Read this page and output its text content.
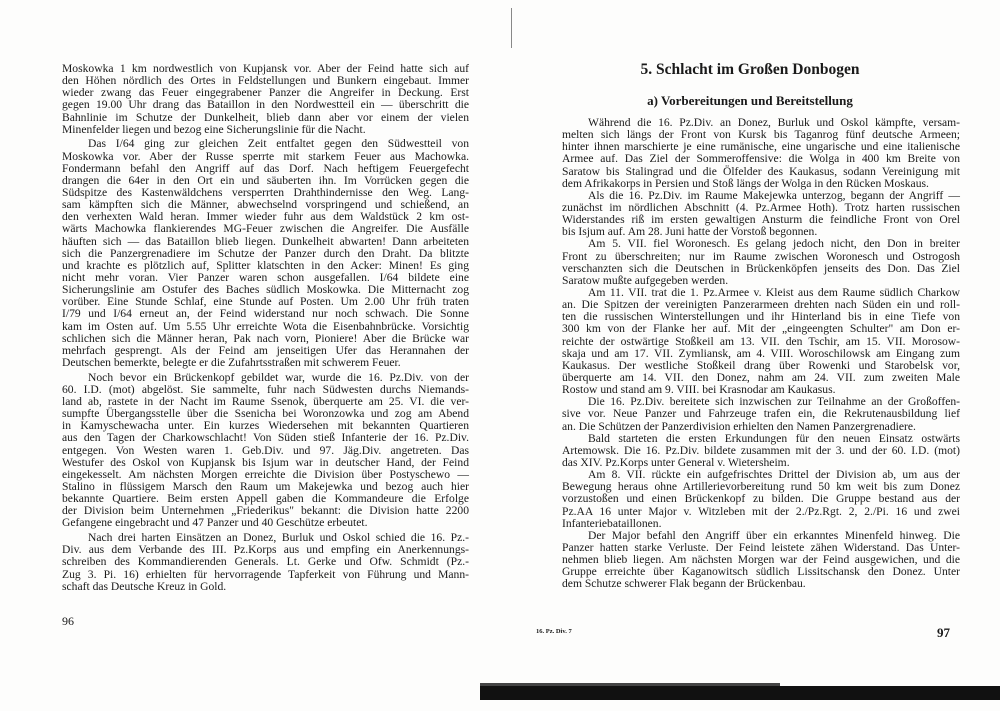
Moskowka 1 km nordwestlich von Kupjansk vor. Aber der Feind hatte sich auf
den Höhen nördlich des Ortes in Feldstellungen und Bunkern eingebaut. Immer
wieder zwang das Feuer eingegrabener Panzer die Angreifer in Deckung. Erst
gegen 19.00 Uhr drang das Bataillon in den Nordwestteil ein — überschritt die
Bahnlinie im Schutze der Dunkelheit, blieb dann aber vor einem der vielen
Minenfelder liegen und bezog eine Sicherungslinie für die Nacht.
Das I/64 ging zur gleichen Zeit entfaltet gegen den Südwestteil von
Moskowka vor. Aber der Russe sperrte mit starkem Feuer aus Machowka.
Fondermann befahl den Angriff auf das Dorf. Nach heftigem Feuergefecht
drangen die 64er in den Ort ein und säuberten ihn. Im Vorrücken gegen die
Südspitze des Kastenwäldchens versperrten Drahthindernisse den Weg. Lang-
sam kämpften sich die Männer, abwechselnd vorspringend und schießend, an
den verhexten Wald heran. Immer wieder fuhr aus dem Waldstück 2 km ost-
wärts Machowka flankierendes MG-Feuer zwischen die Angreifer. Die Ausfälle
häuften sich — das Bataillon blieb liegen. Dunkelheit abwarten! Dann arbeiteten
sich die Panzergrenadiere im Schutze der Panzer durch den Draht. Da blitzte
und krachte es plötzlich auf, Splitter klatschten in den Acker: Minen! Es ging
nicht mehr voran. Vier Panzer waren schon ausgefallen. I/64 bildete eine
Sicherungslinie am Ostufer des Baches südlich Moskowka. Die Mitternacht zog
vorüber. Eine Stunde Schlaf, eine Stunde auf Posten. Um 2.00 Uhr früh traten
I/79 und I/64 erneut an, der Feind widerstand nur noch schwach. Die Sonne
kam im Osten auf. Um 5.55 Uhr erreichte Wota die Eisenbahnbrücke. Vorsichtig
schlichen sich die Männer heran, Pak nach vorn, Pioniere! Aber die Brücke war
mehrfach gesprengt. Als der Feind am jenseitigen Ufer das Herannahen der
Deutschen bemerkte, belegte er die Zufahrtsstraßen mit schwerem Feuer.
Noch bevor ein Brückenkopf gebildet war, wurde die 16. Pz.Div. von der
60. I.D. (mot) abgelöst. Sie sammelte, fuhr nach Südwesten durchs Niemands-
land ab, rastete in der Nacht im Raume Ssenok, überquerte am 25. VI. die ver-
sumpfte Übergangsstelle über die Ssenicha bei Woronzowka und zog am Abend
in Kamyschewacha unter. Ein kurzes Wiedersehen mit bekannten Quartieren
aus den Tagen der Charkowschlacht! Von Süden stieß Infanterie der 16. Pz.Div.
entgegen. Von Westen waren 1. Geb.Div. und 97. Jäg.Div. angetreten. Das
Westufer des Oskol von Kupjansk bis Isjum war in deutscher Hand, der Feind
eingekesselt. Am nächsten Morgen erreichte die Division über Postyschewo —
Stalino in flüssigem Marsch den Raum um Makejewka und bezog auch hier
bekannte Quartiere. Beim ersten Appell gaben die Kommandeure die Erfolge
der Division beim Unternehmen „Friederikus" bekannt: die Division hatte 2200
Gefangene eingebracht und 47 Panzer und 40 Geschütze erbeutet.
Nach drei harten Einsätzen an Donez, Burluk und Oskol schied die 16. Pz.-
Div. aus dem Verbande des III. Pz.Korps aus und empfing ein Anerkennungs-
schreiben des Kommandierenden Generals. Lt. Gerke und Ofw. Schmidt (Pz.-
Zug 3. Pi. 16) erhielten für hervorragende Tapferkeit von Führung und Mann-
schaft das Deutsche Kreuz in Gold.
96
5. Schlacht im Großen Donbogen
a) Vorbereitungen und Bereitstellung
Während die 16. Pz.Div. an Donez, Burluk und Oskol kämpfte, versam-
melten sich längs der Front von Kursk bis Taganrog fünf deutsche Armeen;
hinter ihnen marschierte je eine rumänische, eine ungarische und eine italienische
Armee auf. Das Ziel der Sommeroffensive: die Wolga in 400 km Breite von
Saratow bis Stalingrad und die Ölfelder des Kaukasus, sodann Vereinigung mit
dem Afrikakorps in Persien und Stoß längs der Wolga in den Rücken Moskaus.
Als die 16. Pz.Div. im Raume Makejewka unterzog, begann der Angriff —
zunächst im nördlichen Abschnitt (4. Pz.Armee Hoth). Trotz harten russischen
Widerstandes riß im ersten gewaltigen Ansturm die feindliche Front von Orel
bis Isjum auf. Am 28. Juni hatte der Vorstoß begonnen.
Am 5. VII. fiel Woronesch. Es gelang jedoch nicht, den Don in breiter
Front zu überschreiten; nur im Raume zwischen Woronesch und Ostrogosh
verschanzten sich die Deutschen in Brückenköpfen jenseits des Don. Das Ziel
Saratow mußte aufgegeben werden.
Am 11. VII. trat die 1. Pz.Armee v. Kleist aus dem Raume südlich Charkow
an. Die Spitzen der vereinigten Panzerarmeen drehten nach Süden ein und roll-
ten die russischen Winterstellungen und ihr Hinterland bis in eine Tiefe von
300 km von der Flanke her auf. Mit der „eingeengten Schulter" am Don er-
reichte der ostwärtige Stoßkeil am 13. VII. den Tschir, am 15. VII. Morosow-
skaja und am 17. VII. Zymliansk, am 4. VIII. Woroschilowsk am Eingang zum
Kaukasus. Der westliche Stoßkeil drang über Rowenki und Starobelsk vor,
überquerte am 14. VII. den Donez, nahm am 24. VII. zum zweiten Male
Rostow und stand am 9. VIII. bei Krasnodar am Kaukasus.
Die 16. Pz.Div. bereitete sich inzwischen zur Teilnahme an der Großoffen-
sive vor. Neue Panzer und Fahrzeuge trafen ein, die Rekrutenausbildung lief
an. Die Schützen der Panzerdivision erhielten den Namen Panzergrenadiere.
Bald starteten die ersten Erkundungen für den neuen Einsatz ostwärts
Artemowsk. Die 16. Pz.Div. bildete zusammen mit der 3. und der 60. I.D. (mot)
das XIV. Pz.Korps unter General v. Wietersheim.
Am 8. VII. rückte ein aufgefrischtes Drittel der Division ab, um aus der
Bewegung heraus ohne Artillerievorbereitung rund 50 km weit bis zum Donez
vorzustoßen und einen Brückenkopf zu bilden. Die Gruppe bestand aus der
Pz.AA 16 unter Major v. Witzleben mit der 2./Pz.Rgt. 2, 2./Pi. 16 und zwei
Infanteriebataillonen.
Der Major befahl den Angriff über ein erkanntes Minenfeld hinweg. Die
Panzer hatten starke Verluste. Der Feind leistete zähen Widerstand. Das Unter-
nehmen blieb liegen. Am nächsten Morgen war der Feind ausgewichen, und die
Gruppe erreichte über Kaganowitsch südlich Lissitschansk den Donez. Unter
dem Schutze schwerer Flak begann der Brückenbau.
16. Pz. Div. 7	97
